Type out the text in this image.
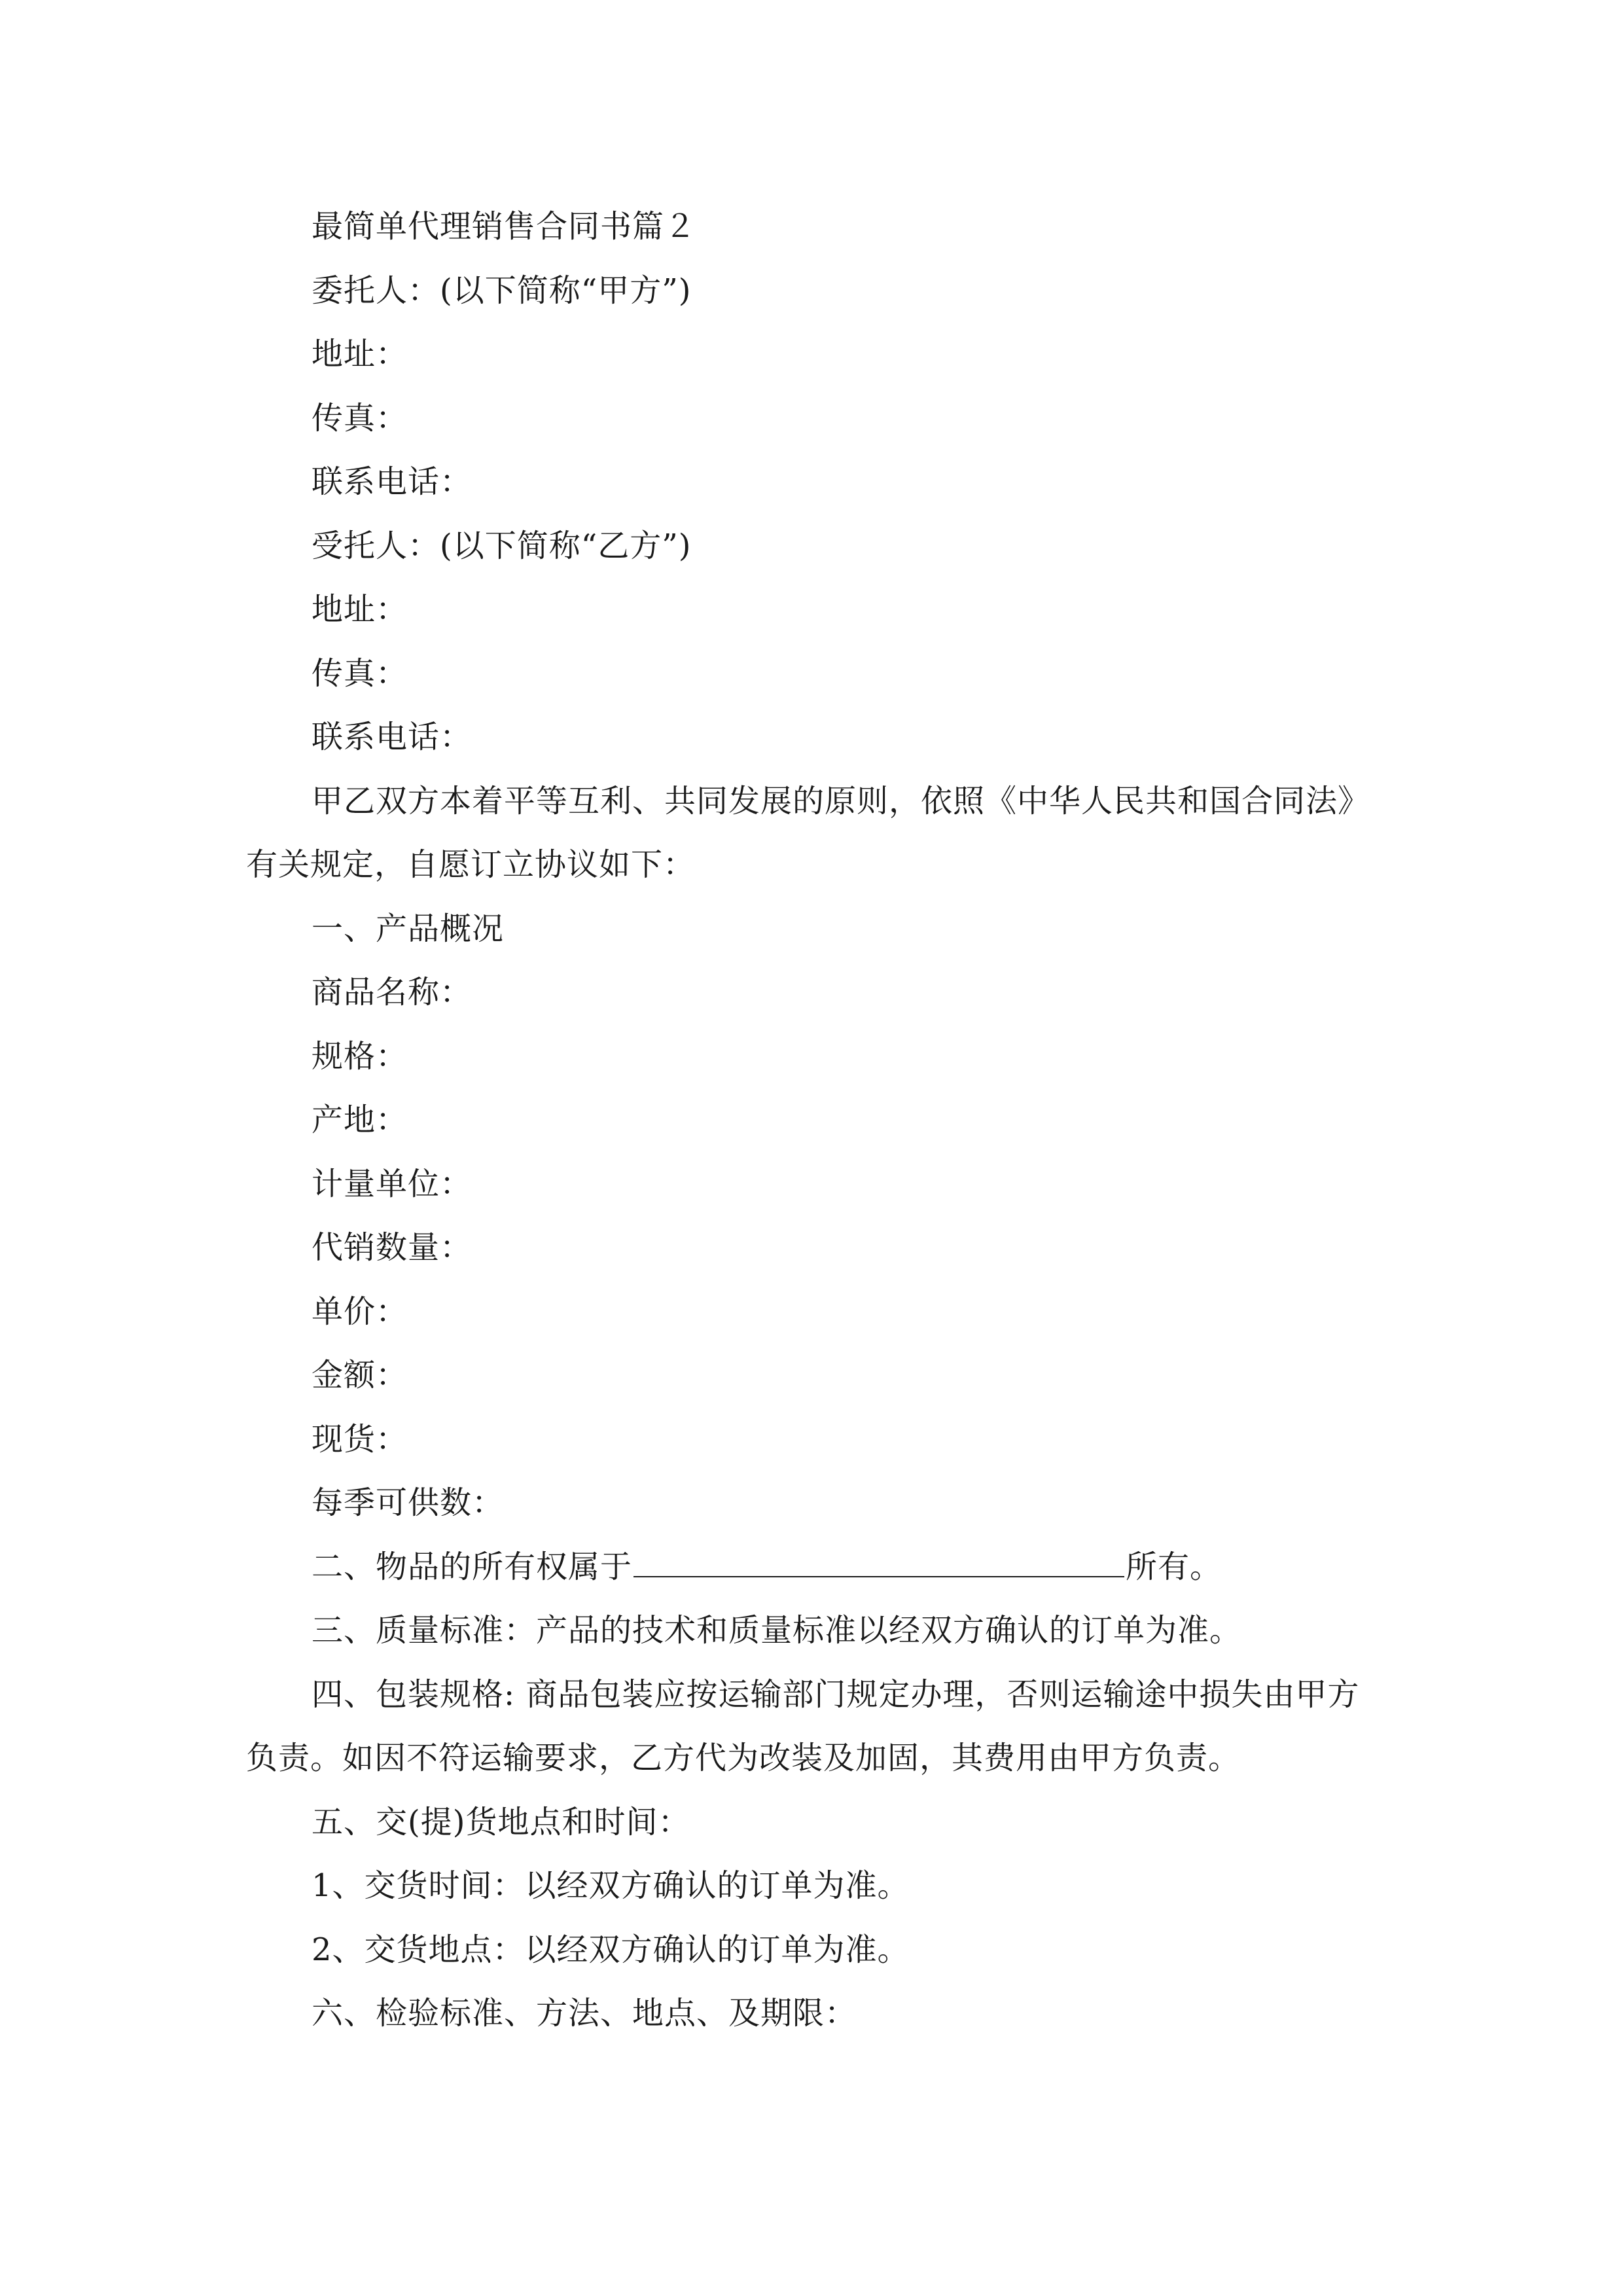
最简单代理销售合同书篇２
委托人：(以下简称“甲方”)
地址：
传真：
联系电话：
受托人：(以下简称“乙方”)
地址：
传真：
联系电话：
甲乙双方本着平等互利、共同发展的原则，依照《中华人民共和国合同法》
有关规定，自愿订立协议如下：
一、产品概况
商品名称：
规格：
产地：
计量单位：
代销数量：
单价：
金额：
现货：
每季可供数：
二、物品的所有权属于	所有。
三、质量标准：产品的技术和质量标准以经双方确认的订单为准。
四、包装规格: 商品包装应按运输部门规定办理，否则运输途中损失由甲方
负责。如因不符运输要求，乙方代为改装及加固，其费用由甲方负责。
五、交(提)货地点和时间：
1、交货时间：以经双方确认的订单为准。
2、交货地点：以经双方确认的订单为准。
六、检验标准、方法、地点、及期限：
